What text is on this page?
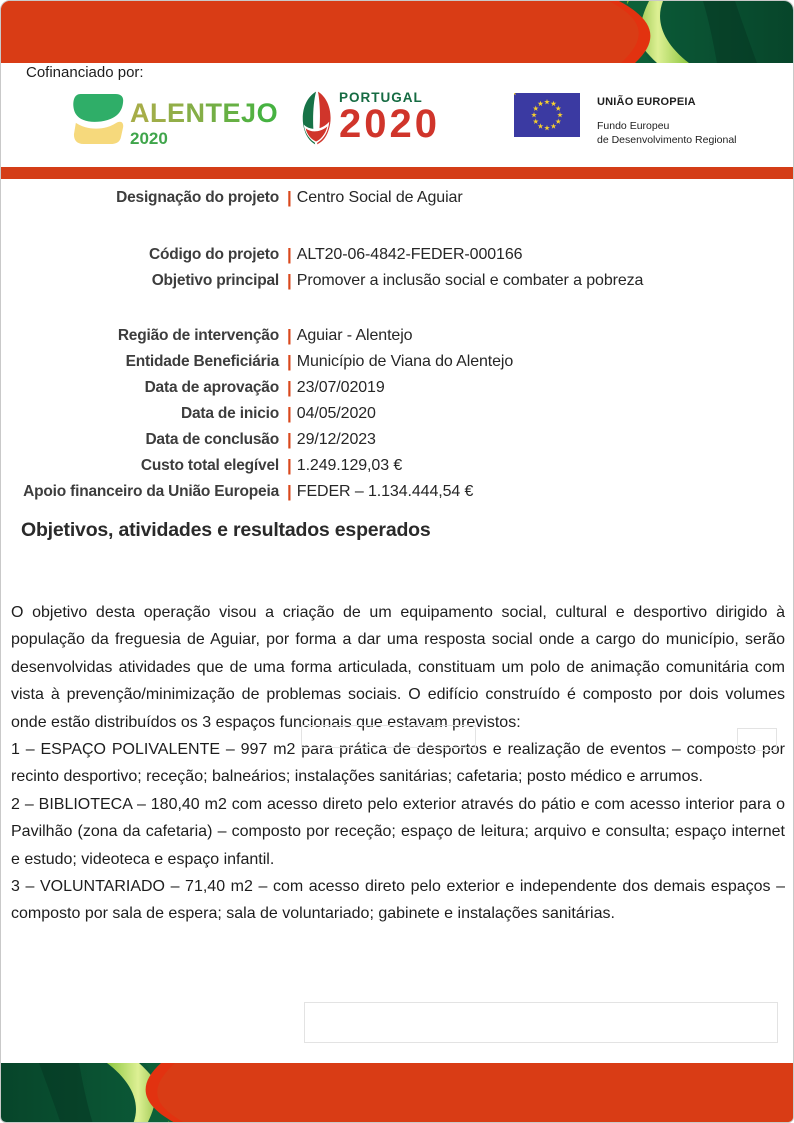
Cofinanciado por:
ALENTEJO
2020
PORTUGAL
2020	UNIÃO EUROPEIA
Fundo Europeu
de Desenvolvimento Regional
Designação do projeto | Centro Social de Aguiar
Código do projeto | ALT20-06-4842-FEDER-000166
Objetivo principal | Promover a inclusão social e combater a pobreza
Região de intervenção | Aguiar - Alentejo
Entidade Beneficiária | Município de Viana do Alentejo
Data de aprovação | 23/07/02019
Data de inicio | 04/05/2020
Data de conclusão | 29/12/2023
Custo total elegível | 1.249.129,03 €
Apoio financeiro da União Europeia | FEDER – 1.134.444,54 €
Objetivos, atividades e resultados esperados

O objetivo desta operação visou a criação de um equipamento social, cultural e desportivo dirigido à população da freguesia de Aguiar, por forma a dar uma resposta social onde a cargo do município, serão desenvolvidas atividades que de uma forma articulada, constituam um polo de animação comunitária com vista à prevenção/minimização de problemas sociais. O edifício construído é composto por dois volumes onde estão distribuídos os 3 espaços funcionais que estavam previstos:

1 – ESPAÇO POLIVALENTE – 997 m2 para prática de desportos e realização de eventos – composto por recinto desportivo; receção; balneários; instalações sanitárias; cafetaria; posto médico e arrumos.

2 – BIBLIOTECA – 180,40 m2 com acesso direto pelo exterior através do pátio e com acesso interior para o Pavilhão (zona da cafetaria) – composto por receção; espaço de leitura; arquivo e consulta; espaço internet e estudo; videoteca e espaço infantil.

3 – VOLUNTARIADO – 71,40 m2 – com acesso direto pelo exterior e independente dos demais espaços – composto por sala de espera; sala de voluntariado; gabinete e instalações sanitárias.
